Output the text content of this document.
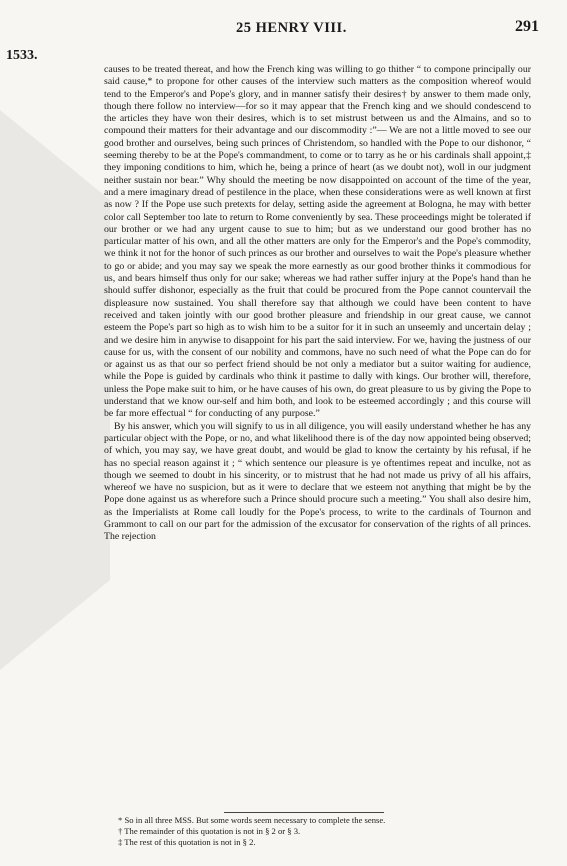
25 HENRY VIII.	291
1533.

causes to be treated thereat, and how the French king was willing to go thither “ to compone principally our said cause,* to propone for other causes of the interview such matters as the composition whereof would tend to the Emperor's and Pope's glory, and in manner satisfy their desires† by answer to them made only, though there follow no interview—for so it may appear that the French king and we should condescend to the articles they have won their desires, which is to set mistrust between us and the Almains, and so to compound their matters for their advantage and our discommodity :”— We are not a little moved to see our good brother and ourselves, being such princes of Christendom, so handled with the Pope to our dishonor, “ seeming thereby to be at the Pope's commandment, to come or to tarry as he or his cardinals shall appoint,‡ they imponing conditions to him, which he, being a prince of heart (as we doubt not), woll in our judgment neither sustain nor bear.” Why should the meeting be now disappointed on account of the time of the year, and a mere imaginary dread of pestilence in the place, when these considerations were as well known at first as now ? If the Pope use such pretexts for delay, setting aside the agreement at Bologna, he may with better color call September too late to return to Rome conveniently by sea. These proceedings might be tolerated if our brother or we had any urgent cause to sue to him; but as we understand our good brother has no particular matter of his own, and all the other matters are only for the Emperor's and the Pope's commodity, we think it not for the honor of such princes as our brother and ourselves to wait the Pope's pleasure whether to go or abide; and you may say we speak the more earnestly as our good brother thinks it commodious for us, and bears himself thus only for our sake; whereas we had rather suffer injury at the Pope's hand than he should suffer dishonor, especially as the fruit that could be procured from the Pope cannot countervail the displeasure now sustained. You shall therefore say that although we could have been content to have received and taken jointly with our good brother pleasure and friendship in our great cause, we cannot esteem the Pope's part so high as to wish him to be a suitor for it in such an unseemly and uncertain delay ; and we desire him in anywise to disappoint for his part the said interview. For we, having the justness of our cause for us, with the consent of our nobility and commons, have no such need of what the Pope can do for or against us as that our so perfect friend should be not only a mediator but a suitor waiting for audience, while the Pope is guided by cardinals who think it pastime to dally with kings. Our brother will, therefore, unless the Pope make suit to him, or he have causes of his own, do great pleasure to us by giving the Pope to understand that we know our-self and him both, and look to be esteemed accordingly ; and this course will be far more effectual “ for conducting of any purpose.”

By his answer, which you will signify to us in all diligence, you will easily understand whether he has any particular object with the Pope, or no, and what likelihood there is of the day now appointed being observed; of which, you may say, we have great doubt, and would be glad to know the certainty by his refusal, if he has no special reason against it ; “ which sentence our pleasure is ye oftentimes repeat and inculke, not as though we seemed to doubt in his sincerity, or to mistrust that he had not made us privy of all his affairs, whereof we have no suspicion, but as it were to declare that we esteem not anything that might be by the Pope done against us as wherefore such a Prince should procure such a meeting.” You shall also desire him, as the Imperialists at Rome call loudly for the Pope's process, to write to the cardinals of Tournon and Grammont to call on our part for the admission of the excusator for conservation of the rights of all princes. The rejection

* So in all three MSS. But some words seem necessary to complete the sense.
† The remainder of this quotation is not in § 2 or § 3.
‡ The rest of this quotation is not in § 2.
